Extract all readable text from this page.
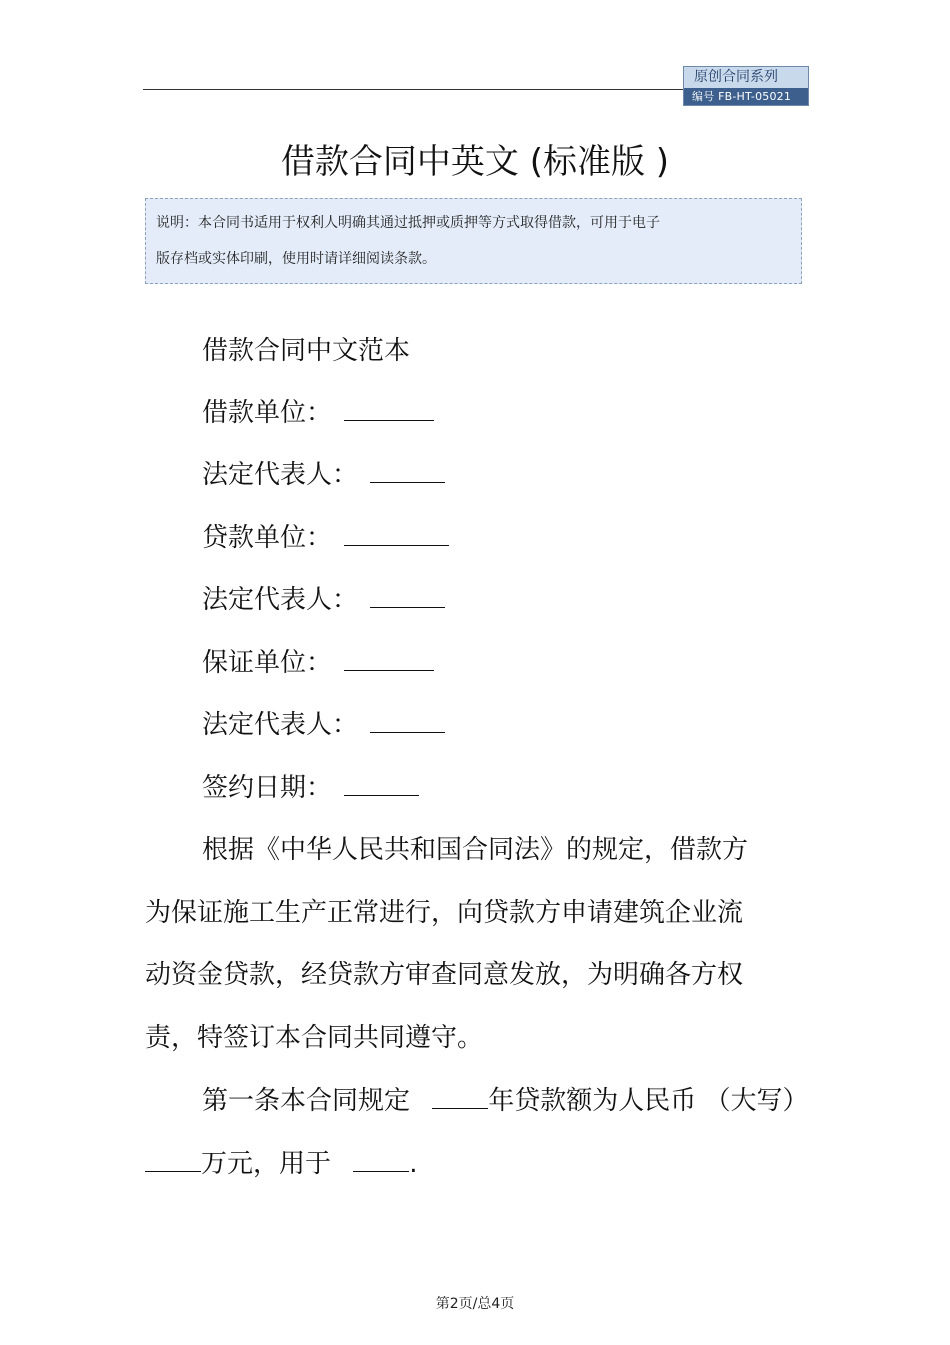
原创合同系列
编号 FB-HT-05021
借款合同中英文 (标准版 )
说明：本合同书适用于权利人明确其通过抵押或质押等方式取得借款，可用于电子
版存档或实体印刷，使用时请详细阅读条款。
借款合同中文范本
借款单位：
法定代表人：
贷款单位：
法定代表人：
保证单位：
法定代表人：
签约日期：
根据《中华人民共和国合同法》的规定，借款方
为保证施工生产正常进行，向贷款方申请建筑企业流
动资金贷款，经贷款方审查同意发放，为明确各方权
责，特签订本合同共同遵守。
第一条本合同规定	年贷款额为人民币 （大写）
万元，用于	.
第2页/总4页
